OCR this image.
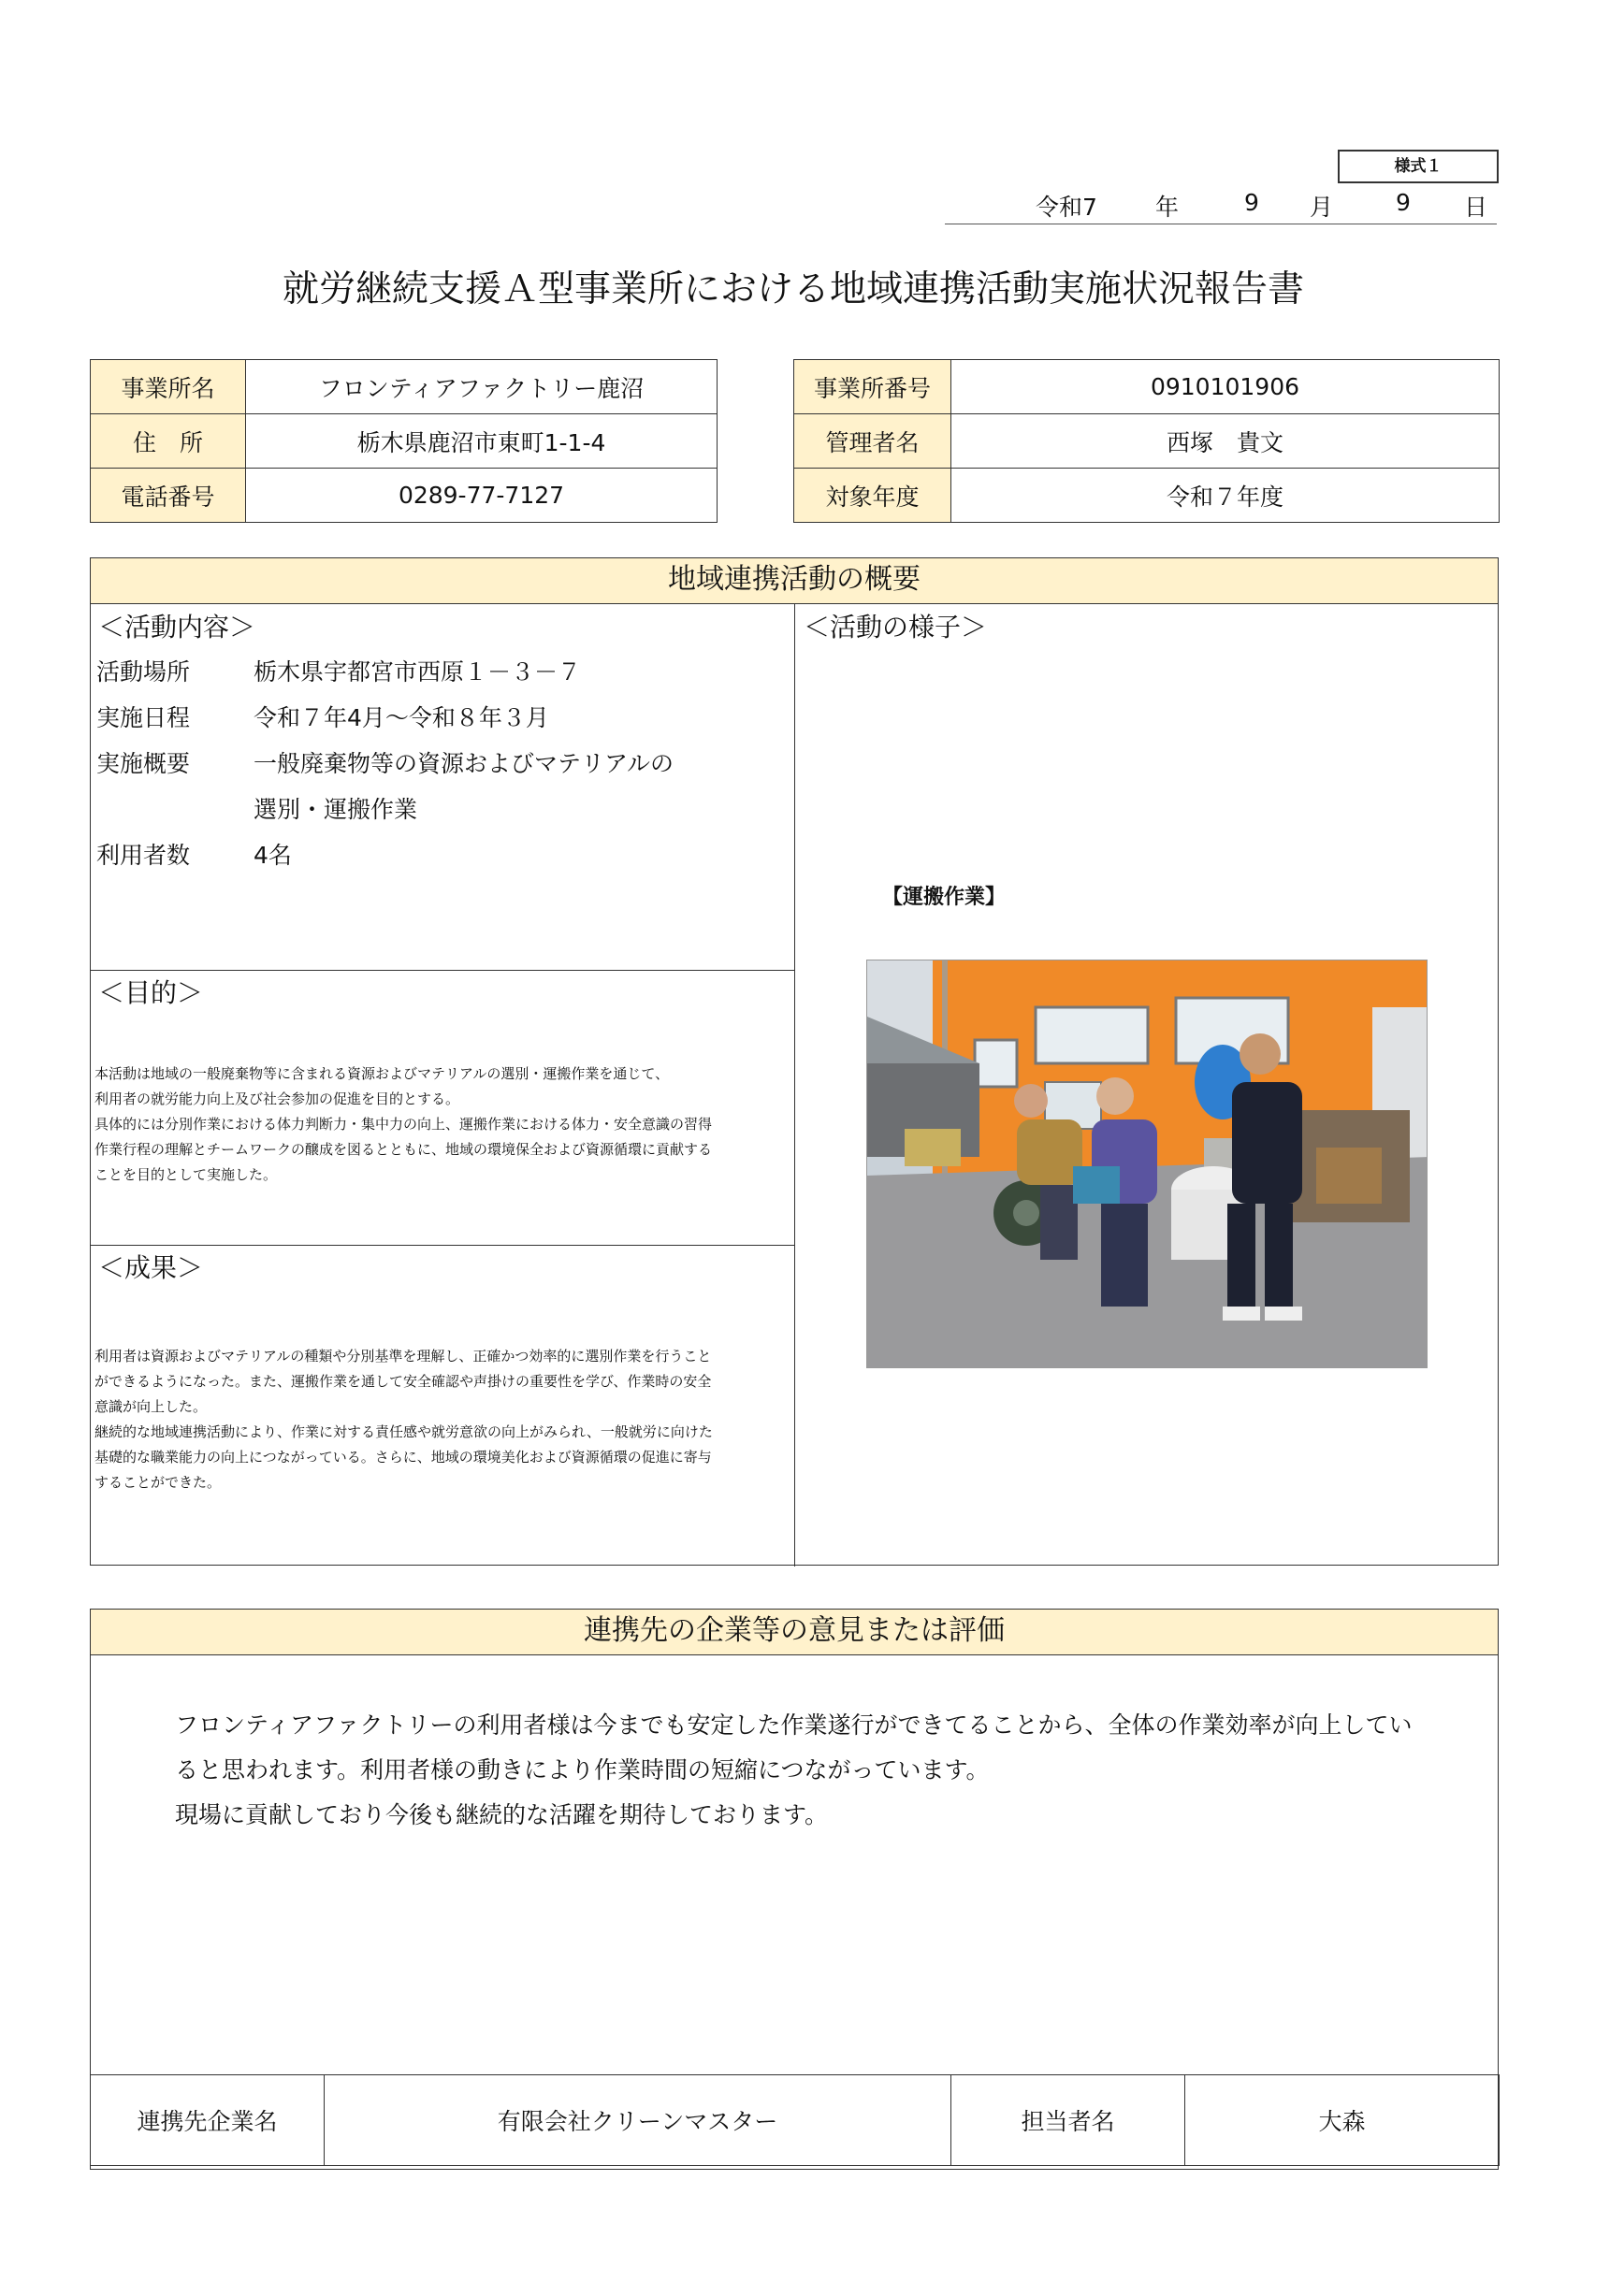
様式１
令和7 年	9 月	9 日
就労継続支援Ａ型事業所における地域連携活動実施状況報告書
事業所名	フロンティアファクトリー鹿沼
住　所	栃木県鹿沼市東町1-1-4
電話番号	0289-77-7127
事業所番号	0910101906
管理者名	西塚　貴文
対象年度	令和７年度
地域連携活動の概要
＜活動内容＞
活動場所	栃木県宇都宮市西原１－３－７
実施日程	令和７年4月～令和８年３月
実施概要	一般廃棄物等の資源およびマテリアルの
選別・運搬作業
利用者数	4名
＜目的＞
本活動は地域の一般廃棄物等に含まれる資源およびマテリアルの選別・運搬作業を通じて、
利用者の就労能力向上及び社会参加の促進を目的とする。
具体的には分別作業における体力判断力・集中力の向上、運搬作業における体力・安全意識の習得
作業行程の理解とチームワークの醸成を図るとともに、地域の環境保全および資源循環に貢献する
ことを目的として実施した。
＜成果＞
利用者は資源およびマテリアルの種類や分別基準を理解し、正確かつ効率的に選別作業を行うこと
ができるようになった。また、運搬作業を通して安全確認や声掛けの重要性を学び、作業時の安全
意識が向上した。
継続的な地域連携活動により、作業に対する責任感や就労意欲の向上がみられ、一般就労に向けた
基礎的な職業能力の向上につながっている。さらに、地域の環境美化および資源循環の促進に寄与
することができた。
＜活動の様子＞
【運搬作業】
連携先の企業等の意見または評価
フロンティアファクトリーの利用者様は今までも安定した作業遂行ができてることから、全体の作業効率が向上してい
ると思われます。利用者様の動きにより作業時間の短縮につながっています。
現場に貢献しており今後も継続的な活躍を期待しております。
連携先企業名	有限会社クリーンマスター	担当者名	大森
